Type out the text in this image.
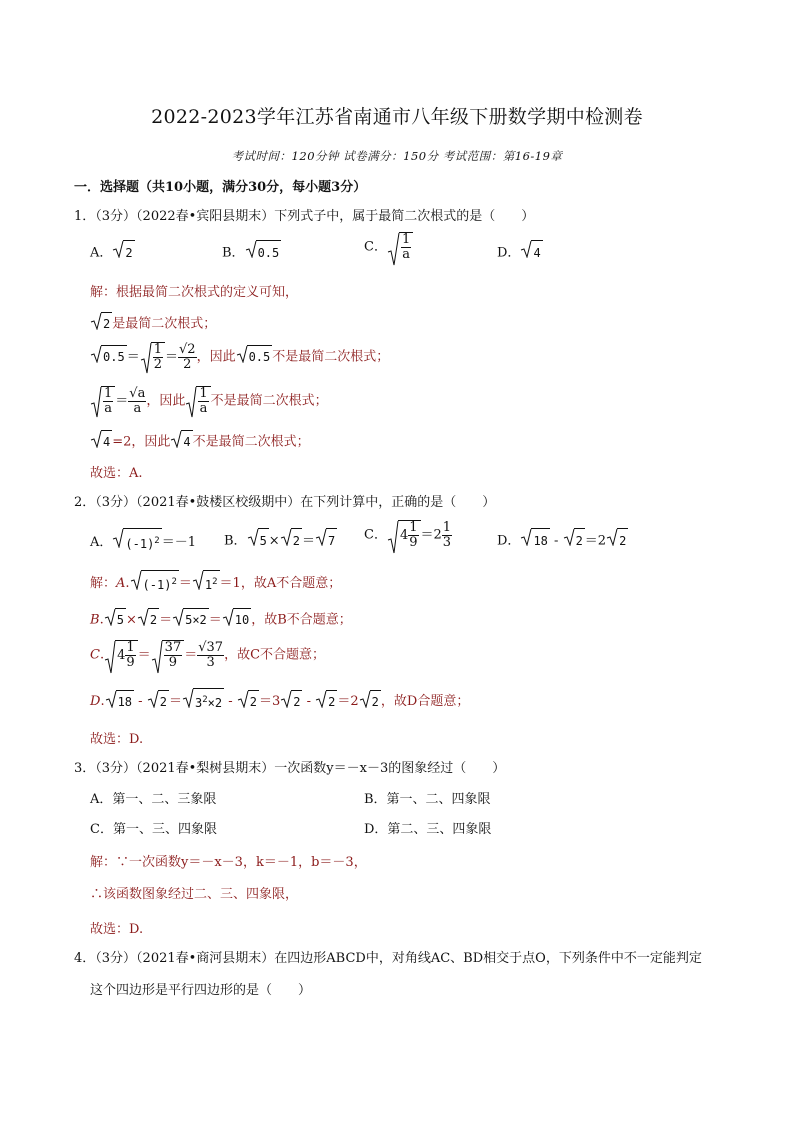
2022-2023学年江苏省南通市八年级下册数学期中检测卷
考试时间：120分钟 试卷满分：150分 考试范围：第16-19章
一．选择题（共10小题，满分30分，每小题3分）
1．（3分）（2022春•宾阳县期末）下列式子中，属于最简二次根式的是（　　）
A． 2	B． 0.5	C． $\frac{1}{a}$	D． 4
解：根据最简二次根式的定义可知，
2 是最简二次根式；
$0.5 = \frac{1}{2} = \frac{√2}{2}$ ，因此 0.5 不是最简二次根式；
$\frac{1}{a} = \frac{√a}{a}$ ，因此 $\frac{1}{a}$ 不是最简二次根式；
4 =2，因此 4 不是最简二次根式；
故选：A.
2．（3分）（2021春•鼓楼区校级期中）在下列计算中，正确的是（　　）
A． $(-1)^2 =-1$ B． 5 × 2 ＝ 7 C． $4 \frac{1}{9} =2 \frac{1}{3}$	D． 18 -
2 ＝2 2
解：A. $(-1)^2 = 1^2 =1$，故A不合题意；
B. 5 × 2 ＝ 5×2 ＝ 10 ，故B不合题意；
C. $4 \frac{1}{9} = \frac{37}{9} = \frac{√37}{3}$ ，故C不合题意；
D. 18 -
$2 = 3^2\times 2$ -
2 ＝3 2 -
2 ＝2 2 ，故D合题意；
故选：D.
3．（3分）（2021春•梨树县期末）一次函数y＝－x－3的图象经过（　　）
A．第一、二、三象限	B．第一、二、四象限
C．第一、三、四象限	D．第二、三、四象限
解：∵一次函数y＝－x－3，k＝－1，b＝－3，
∴该函数图象经过二、三、四象限，
故选：D.
4．（3分）（2021春•商河县期末）在四边形ABCD中，对角线AC、BD相交于点O，下列条件中不一定能判定
这个四边形是平行四边形的是（　　）
